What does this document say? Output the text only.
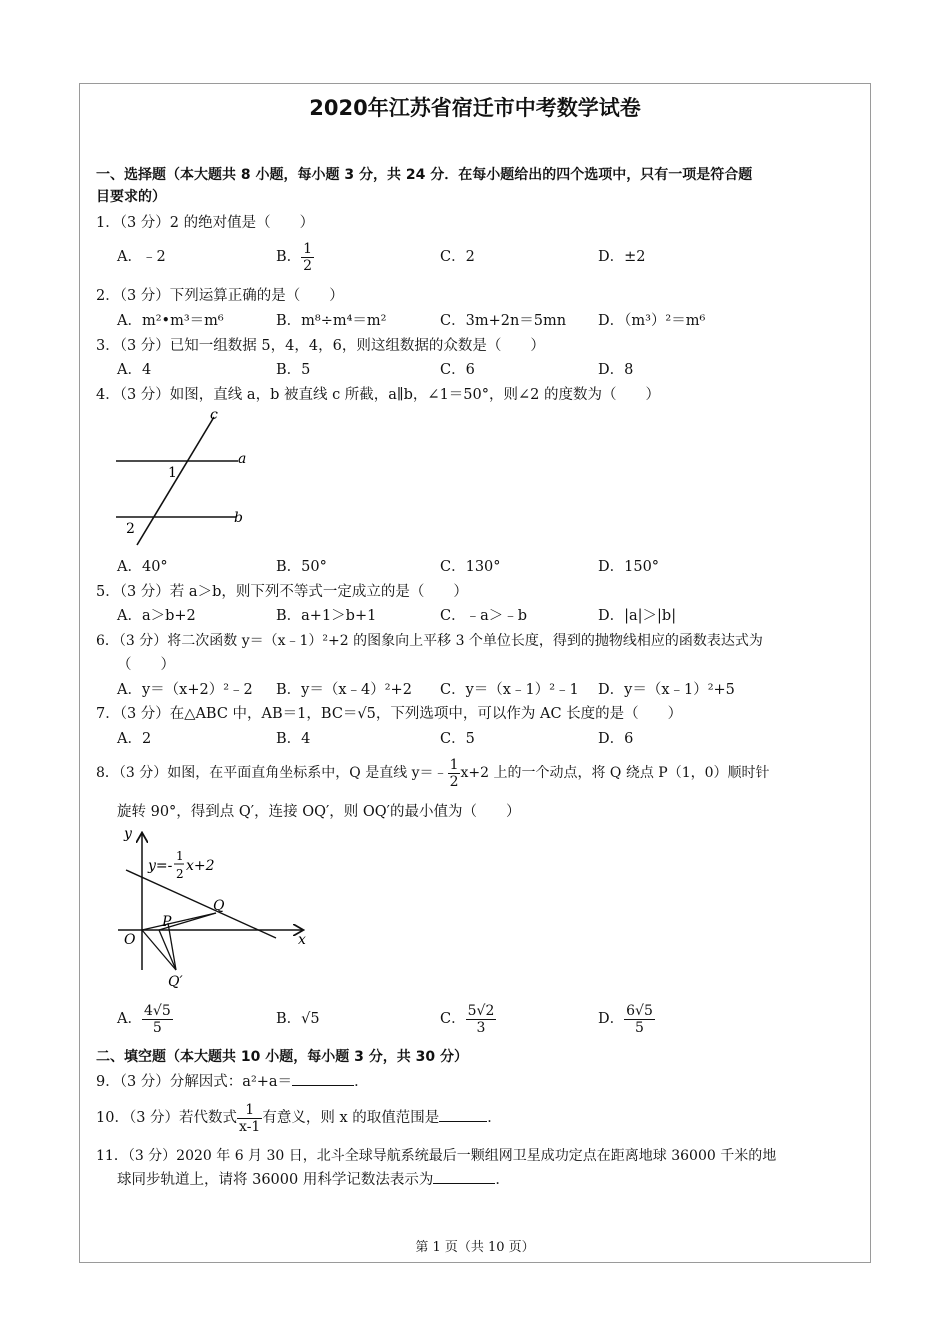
2020年江苏省宿迁市中考数学试卷
一、选择题（本大题共 8 小题，每小题 3 分，共 24 分．在每小题给出的四个选项中，只有一项是符合题
目要求的）
1．（3 分）2 的绝对值是（　　）
A．﹣2	B． $\frac{1}{2}$	C．2	D．±2
2．（3 分）下列运算正确的是（　　）
A．m²•m³＝m⁶	B．m⁸÷m⁴＝m²	C．3m+2n＝5mn D．（m³）²＝m⁶
3．（3 分）已知一组数据 5，4，4，6，则这组数据的众数是（　　）
A．4	B．5	C．6	D．8
4．（3 分）如图，直线 a，b 被直线 c 所截，a∥b，∠1＝50°，则∠2 的度数为（　　）
c
a
b
1
2
A．40°	B．50°	C．130°	D．150°
5．（3 分）若 a＞b，则下列不等式一定成立的是（　　）
A．a＞b+2	B．a+1＞b+1	C．﹣a＞﹣b	D．|a|＞|b|
6．（3 分）将二次函数 y＝（x﹣1）²+2 的图象向上平移 3 个单位长度，得到的抛物线相应的函数表达式为
（　　）
A．y＝（x+2）²﹣2 B．y＝（x﹣4）²+2 C．y＝（x﹣1）²﹣1 D．y＝（x﹣1）²+5
7．（3 分）在△ABC 中，AB＝1，BC＝√5，下列选项中，可以作为 AC 长度的是（　　）
A．2	B．4	C．5	D．6
8．（3 分）如图，在平面直角坐标系中，Q 是直线 y＝﹣ $\frac{1}{2} x+2$ 上的一个动点，将 Q 绕点 P（1，0）顺时针
旋转 90°，得到点 Q′，连接 OQ′，则 OQ′的最小值为（　　）
y
x
O
P
Q
Q′
y=-
1
2 x+2
A． $\frac{4√5}{5}$	B．√5	C． $\frac{5√2}{3}$	D． $\frac{6√5}{5}$
二、填空题（本大题共 10 小题，每小题 3 分，共 30 分）
9．（3 分）分解因式：a²+a＝	．
10．（3 分）若代数式 $\frac{1}{x-1}$ 有意义，则 x 的取值范围是	．
11．（3 分）2020 年 6 月 30 日，北斗全球导航系统最后一颗组网卫星成功定点在距离地球 36000 千米的地
球同步轨道上，请将 36000 用科学记数法表示为	．
第 1 页（共 10 页）
